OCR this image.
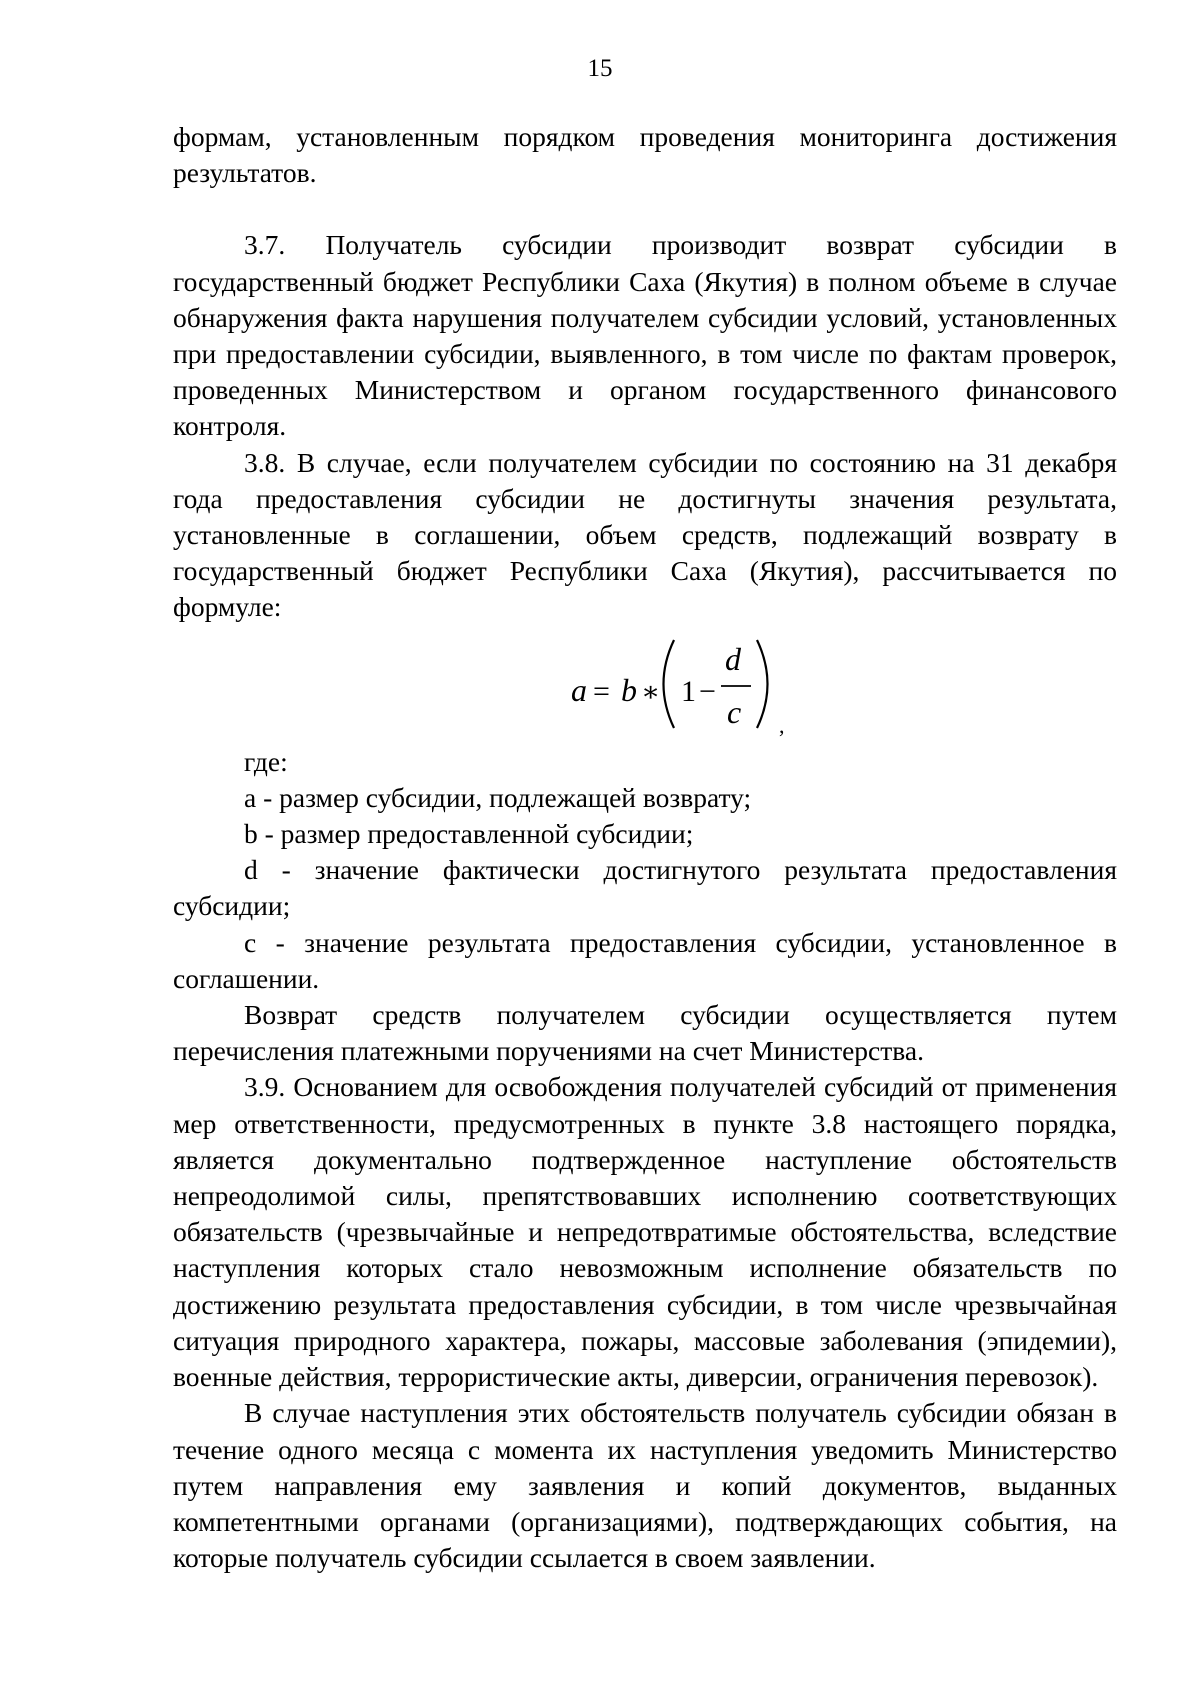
15

формам, установленным порядком проведения мониторинга достижения результатов.

3.7. Получатель субсидии производит возврат субсидии в государственный бюджет Республики Саха (Якутия) в полном объеме в случае обнаружения факта нарушения получателем субсидии условий, установленных при предоставлении субсидии, выявленного, в том числе по фактам проверок, проведенных Министерством и органом государственного финансового контроля.

3.8. В случае, если получателем субсидии по состоянию на 31 декабря года предоставления субсидии не достигнуты значения результата, установленные в соглашении, объем средств, подлежащий возврату в государственный бюджет Республики Саха (Якутия), рассчитывается по формуле:

a = b ∗ 1 −
d
c ,

где:

a - размер субсидии, подлежащей возврату;

b - размер предоставленной субсидии;

d - значение фактически достигнутого результата предоставления субсидии;

c - значение результата предоставления субсидии, установленное в соглашении.

Возврат средств получателем субсидии осуществляется путем перечисления платежными поручениями на счет Министерства.

3.9. Основанием для освобождения получателей субсидий от применения мер ответственности, предусмотренных в пункте 3.8 настоящего порядка, является документально подтвержденное наступление обстоятельств непреодолимой силы, препятствовавших исполнению соответствующих обязательств (чрезвычайные и непредотвратимые обстоятельства, вследствие наступления которых стало невозможным исполнение обязательств по достижению результата предоставления субсидии, в том числе чрезвычайная ситуация природного характера, пожары, массовые заболевания (эпидемии), военные действия, террористические акты, диверсии, ограничения перевозок).

В случае наступления этих обстоятельств получатель субсидии обязан в течение одного месяца с момента их наступления уведомить Министерство путем направления ему заявления и копий документов, выданных компетентными органами (организациями), подтверждающих события, на которые получатель субсидии ссылается в своем заявлении.
